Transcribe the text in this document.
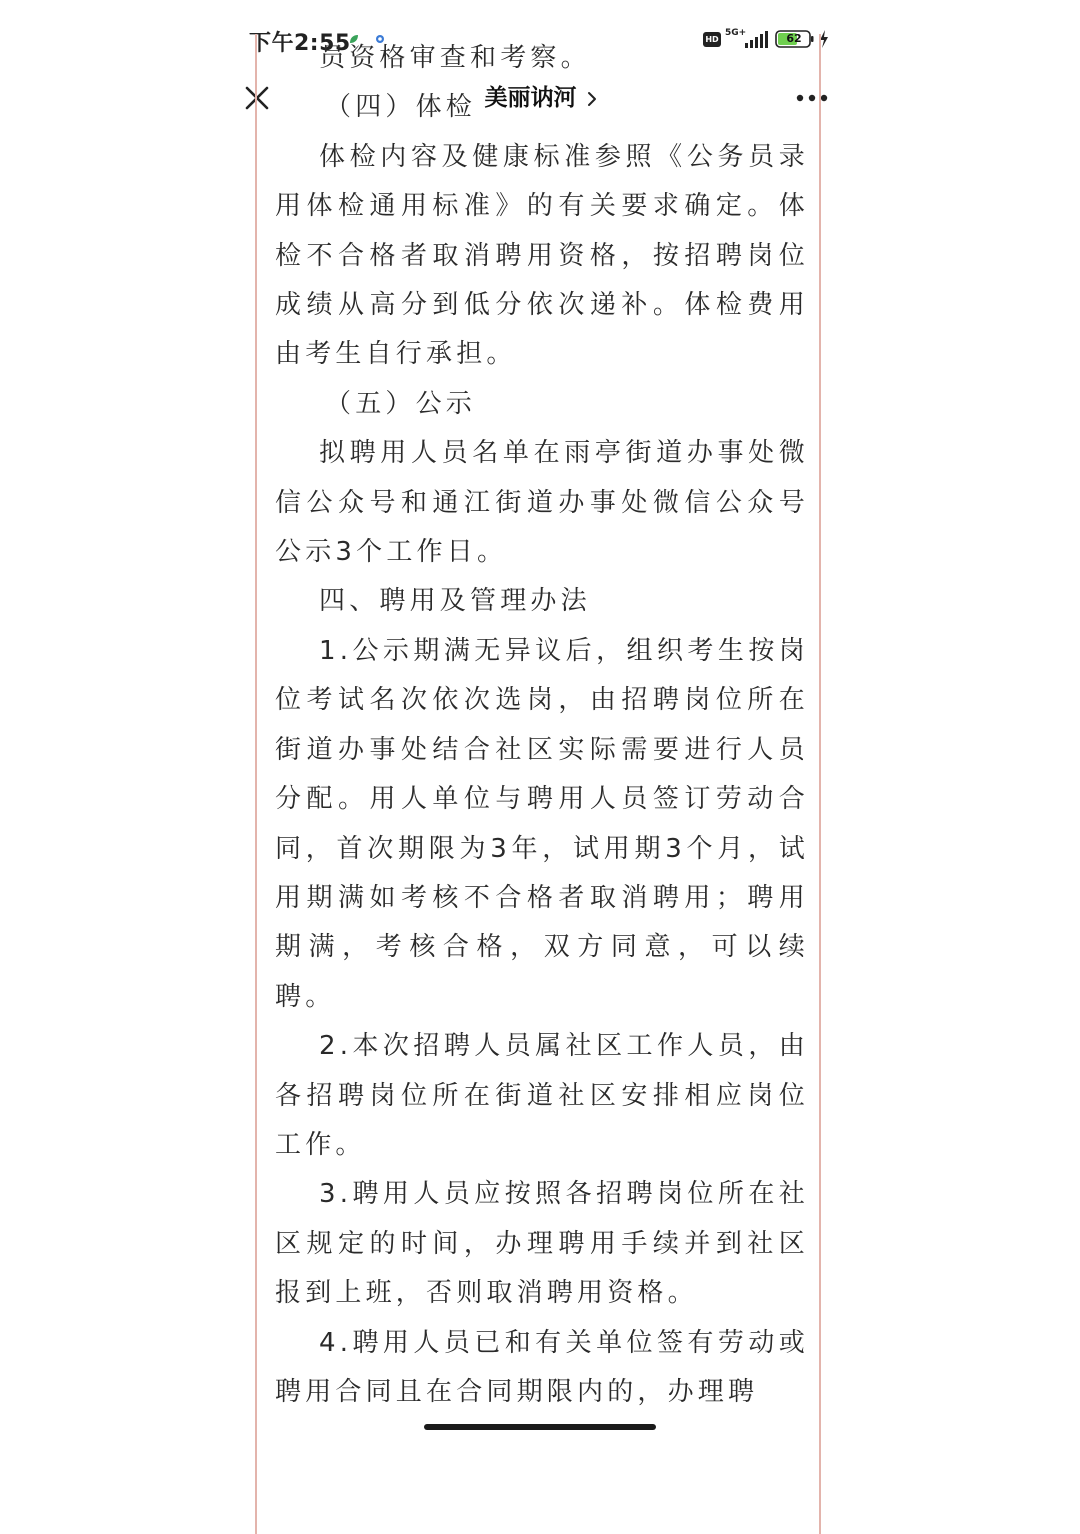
下午2:55	HD
5G+	62
美丽讷河

员资格审查和考察。

（四）体检

体检内容及健康标准参照《公务员录用体检通用标准》的有关要求确定。体检不合格者取消聘用资格，按招聘岗位成绩从高分到低分依次递补。体检费用由考生自行承担。

（五）公示

拟聘用人员名单在雨亭街道办事处微信公众号和通江街道办事处微信公众号公示3个工作日。

四、聘用及管理办法

1.公示期满无异议后，组织考生按岗位考试名次依次选岗，由招聘岗位所在街道办事处结合社区实际需要进行人员分配。用人单位与聘用人员签订劳动合同，首次期限为3年，试用期3个月，试用期满如考核不合格者取消聘用；聘用期满，考核合格，双方同意，可以续聘。

2.本次招聘人员属社区工作人员，由各招聘岗位所在街道社区安排相应岗位工作。

3.聘用人员应按照各招聘岗位所在社区规定的时间，办理聘用手续并到社区报到上班，否则取消聘用资格。

4.聘用人员已和有关单位签有劳动或聘用合同且在合同期限内的，办理聘
